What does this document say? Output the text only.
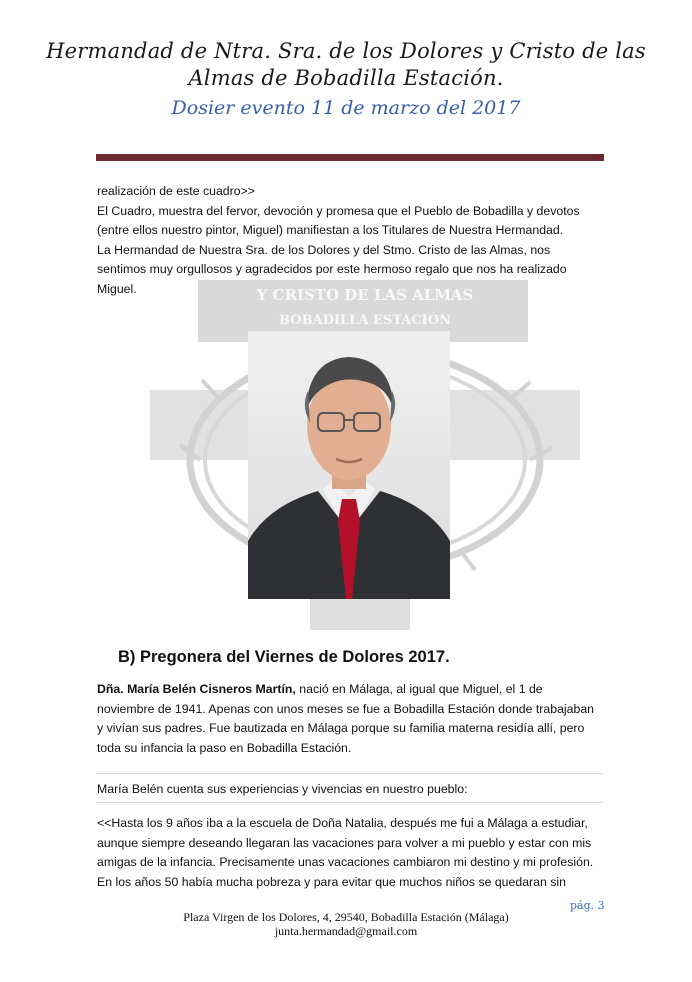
Hermandad de Ntra. Sra. de los Dolores y Cristo de las
Almas de Bobadilla Estación.
Dosier evento 11 de marzo del 2017
Y CRISTO DE LAS ALMAS
BOBADILLA ESTACIÓN
realización de este cuadro>>
El Cuadro, muestra del fervor, devoción y promesa que el Pueblo de Bobadilla y devotos
(entre ellos nuestro pintor, Miguel) manifiestan a los Titulares de Nuestra Hermandad.
La Hermandad de Nuestra Sra. de los Dolores y del Stmo. Cristo de las Almas, nos
sentimos muy orgullosos y agradecidos por este hermoso regalo que nos ha realizado
Miguel.
B) Pregonera del Viernes de Dolores 2017.
Dña. María Belén Cisneros Martín, nació en Málaga, al igual que Miguel, el 1 de
noviembre de 1941. Apenas con unos meses se fue a Bobadilla Estación donde trabajaban
y vivían sus padres. Fue bautizada en Málaga porque su familia materna residía allí, pero
toda su infancia la paso en Bobadilla Estación.
María Belén cuenta sus experiencias y vivencias en nuestro pueblo:
<<Hasta los 9 años iba a la escuela de Doña Natalia, después me fui a Málaga a estudiar,
aunque siempre deseando llegaran las vacaciones para volver a mi pueblo y estar con mis
amigas de la infancia. Precisamente unas vacaciones cambiaron mi destino y mi profesión.
En los años 50 había mucha pobreza y para evitar que muchos niños se quedaran sin
pág. 3
Plaza Virgen de los Dolores, 4, 29540, Bobadilla Estación (Málaga)
junta.hermandad@gmail.com
